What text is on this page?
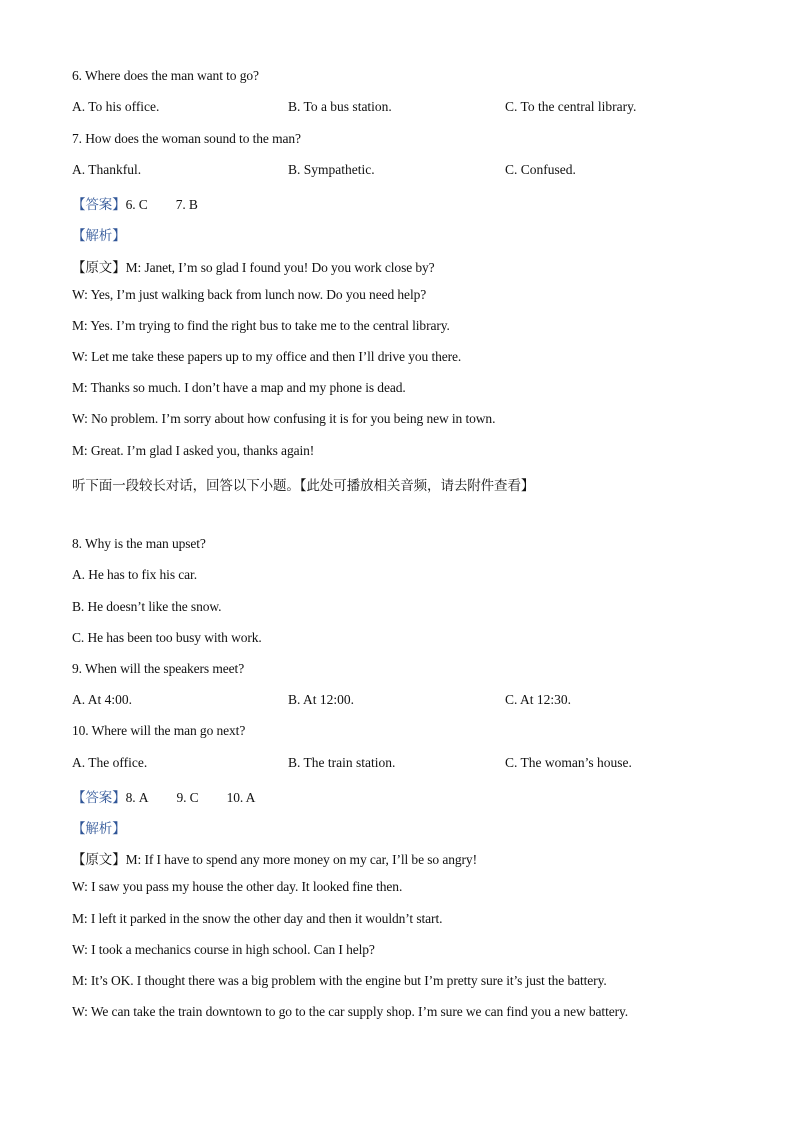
6. Where does the man want to go?
A. To his office.	B. To a bus station.	C. To the central library.
7. How does the woman sound to the man?
A. Thankful.	B. Sympathetic.	C. Confused.
【答案】6. C 7. B
【解析】
【原文】M: Janet, I’m so glad I found you! Do you work close by?
W: Yes, I’m just walking back from lunch now. Do you need help?
M: Yes. I’m trying to find the right bus to take me to the central library.
W: Let me take these papers up to my office and then I’ll drive you there.
M: Thanks so much. I don’t have a map and my phone is dead.
W: No problem. I’m sorry about how confusing it is for you being new in town.
M: Great. I’m glad I asked you, thanks again!
听下面一段较长对话，回答以下小题。【此处可播放相关音频，请去附件查看】
8. Why is the man upset?
A. He has to fix his car.
B. He doesn’t like the snow.
C. He has been too busy with work.
9. When will the speakers meet?
A. At 4:00.	B. At 12:00.	C. At 12:30.
10. Where will the man go next?
A. The office.	B. The train station.	C. The woman’s house.
【答案】8. A 9. C 10. A
【解析】
【原文】M: If I have to spend any more money on my car, I’ll be so angry!
W: I saw you pass my house the other day. It looked fine then.
M: I left it parked in the snow the other day and then it wouldn’t start.
W: I took a mechanics course in high school. Can I help?
M: It’s OK. I thought there was a big problem with the engine but I’m pretty sure it’s just the battery.
W: We can take the train downtown to go to the car supply shop. I’m sure we can find you a new battery.
